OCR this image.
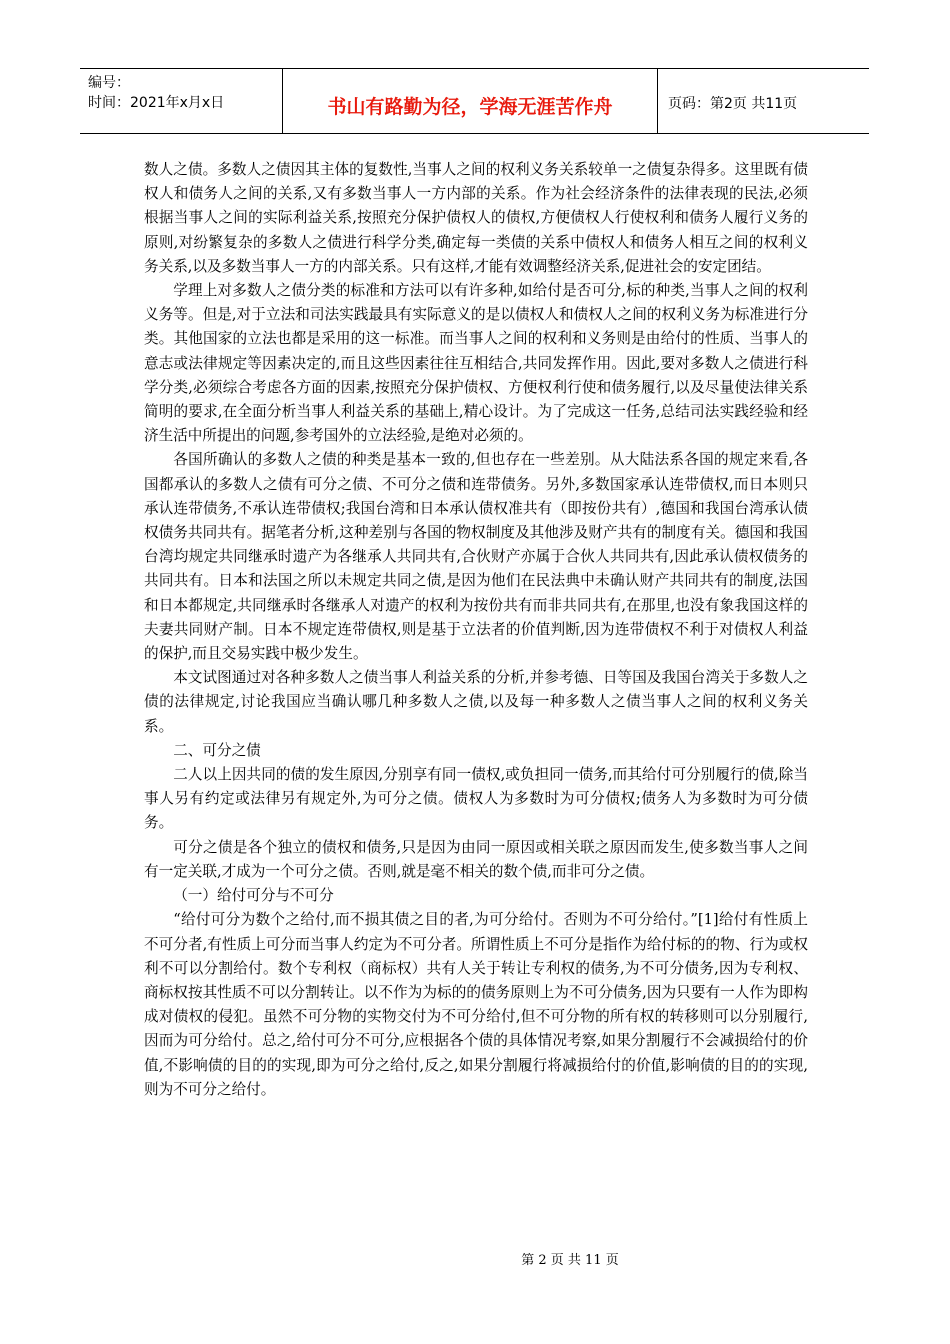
编号：
时间：2021年x月x日	书山有路勤为径，学海无涯苦作舟	页码：第2页 共11页

数人之债。多数人之债因其主体的复数性,当事人之间的权利义务关系较单一之债复杂得多。这里既有债权人和债务人之间的关系,又有多数当事人一方内部的关系。作为社会经济条件的法律表现的民法,必须根据当事人之间的实际利益关系,按照充分保护债权人的债权,方便债权人行使权利和债务人履行义务的原则,对纷繁复杂的多数人之债进行科学分类,确定每一类债的关系中债权人和债务人相互之间的权利义务关系,以及多数当事人一方的内部关系。只有这样,才能有效调整经济关系,促进社会的安定团结。

学理上对多数人之债分类的标准和方法可以有许多种,如给付是否可分,标的种类,当事人之间的权利义务等。但是,对于立法和司法实践最具有实际意义的是以债权人和债权人之间的权利义务为标准进行分类。其他国家的立法也都是采用的这一标准。而当事人之间的权利和义务则是由给付的性质、当事人的意志或法律规定等因素决定的,而且这些因素往往互相结合,共同发挥作用。因此,要对多数人之债进行科学分类,必须综合考虑各方面的因素,按照充分保护债权、方便权利行使和债务履行,以及尽量使法律关系简明的要求,在全面分析当事人利益关系的基础上,精心设计。为了完成这一任务,总结司法实践经验和经济生活中所提出的问题,参考国外的立法经验,是绝对必须的。

各国所确认的多数人之债的种类是基本一致的,但也存在一些差别。从大陆法系各国的规定来看,各国都承认的多数人之债有可分之债、不可分之债和连带债务。另外,多数国家承认连带债权,而日本则只承认连带债务,不承认连带债权;我国台湾和日本承认债权准共有（即按份共有）,德国和我国台湾承认债权债务共同共有。据笔者分析,这种差别与各国的物权制度及其他涉及财产共有的制度有关。德国和我国台湾均规定共同继承时遗产为各继承人共同共有,合伙财产亦属于合伙人共同共有,因此承认债权债务的共同共有。日本和法国之所以未规定共同之债,是因为他们在民法典中未确认财产共同共有的制度,法国和日本都规定,共同继承时各继承人对遗产的权利为按份共有而非共同共有,在那里,也没有象我国这样的夫妻共同财产制。日本不规定连带债权,则是基于立法者的价值判断,因为连带债权不利于对债权人利益的保护,而且交易实践中极少发生。

本文试图通过对各种多数人之债当事人利益关系的分析,并参考德、日等国及我国台湾关于多数人之债的法律规定,讨论我国应当确认哪几种多数人之债,以及每一种多数人之债当事人之间的权利义务关系。

二、可分之债

二人以上因共同的债的发生原因,分别享有同一债权,或负担同一债务,而其给付可分别履行的债,除当事人另有约定或法律另有规定外,为可分之债。债权人为多数时为可分债权;债务人为多数时为可分债务。

可分之债是各个独立的债权和债务,只是因为由同一原因或相关联之原因而发生,使多数当事人之间有一定关联,才成为一个可分之债。否则,就是毫不相关的数个债,而非可分之债。

（一）给付可分与不可分

“给付可分为数个之给付,而不损其债之目的者,为可分给付。否则为不可分给付。”[1]给付有性质上不可分者,有性质上可分而当事人约定为不可分者。所谓性质上不可分是指作为给付标的的物、行为或权利不可以分割给付。数个专利权（商标权）共有人关于转让专利权的债务,为不可分债务,因为专利权、商标权按其性质不可以分割转让。以不作为为标的的债务原则上为不可分债务,因为只要有一人作为即构成对债权的侵犯。虽然不可分物的实物交付为不可分给付,但不可分物的所有权的转移则可以分别履行,因而为可分给付。总之,给付可分不可分,应根据各个债的具体情况考察,如果分割履行不会减损给付的价值,不影响债的目的的实现,即为可分之给付,反之,如果分割履行将减损给付的价值,影响债的目的的实现,则为不可分之给付。

第 2 页 共 11 页
